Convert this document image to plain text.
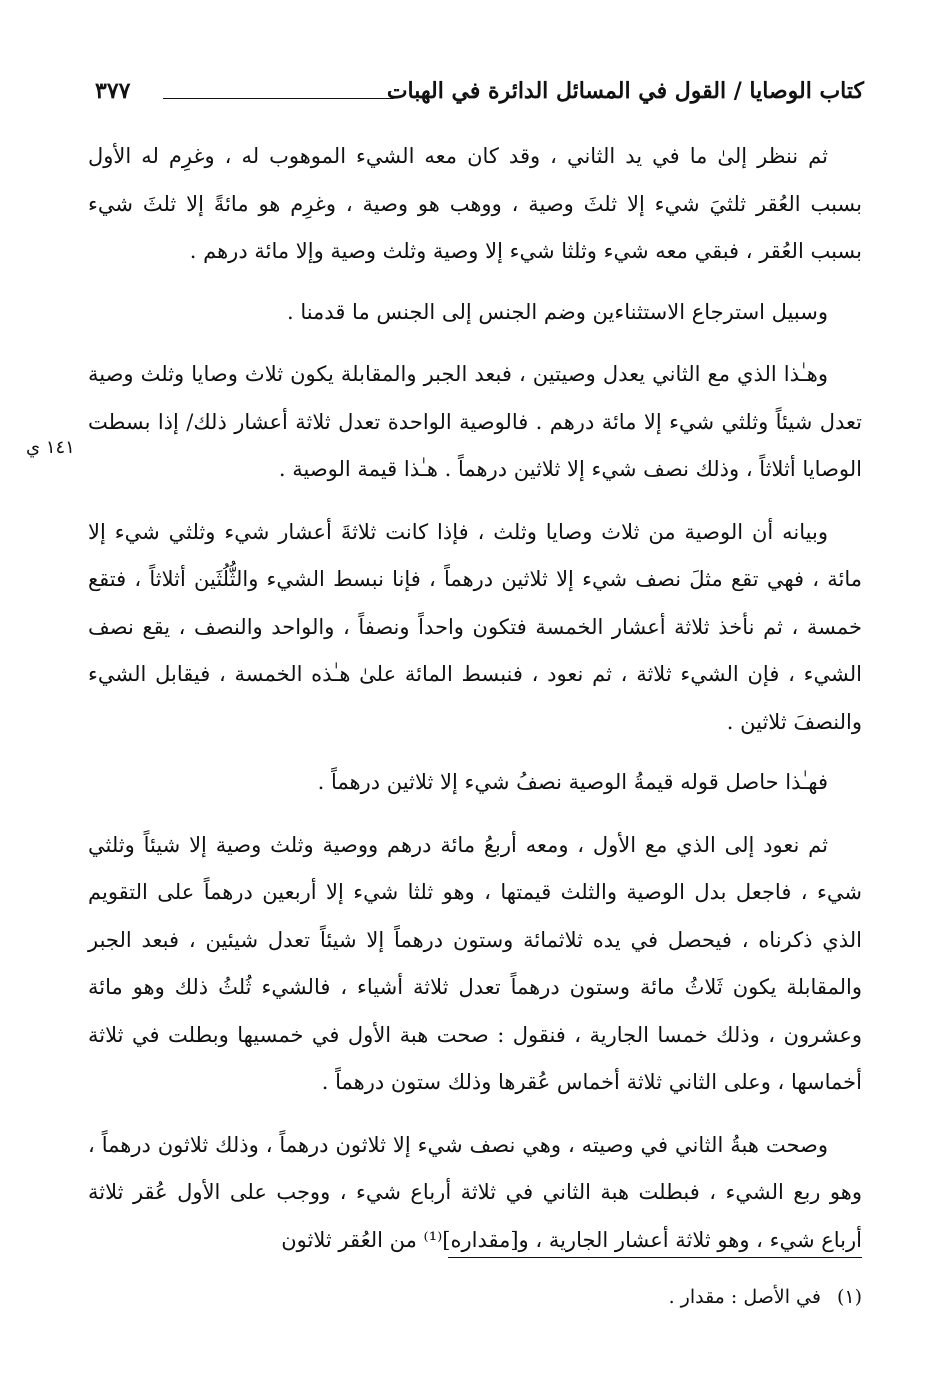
كتاب الوصايا / القول في المسائل الدائرة في الهبات
٣٧٧

ثم ننظر إلىٰ ما في يد الثاني ، وقد كان معه الشيء الموهوب له ، وغرِم له الأول بسبب العُقر ثلثيَ شيء إلا ثلثَ وصية ، ووهب هو وصية ، وغرِم هو مائةً إلا ثلثَ شيء بسبب العُقر ، فبقي معه شيء وثلثا شيء إلا وصية وثلث وصية وإلا مائة درهم .

وسبيل استرجاع الاستثناءين وضم الجنس إلى الجنس ما قدمنا .

وهـٰذا الذي مع الثاني يعدل وصيتين ، فبعد الجبر والمقابلة يكون ثلاث وصايا وثلث وصية تعدل شيئاً وثلثي شيء إلا مائة درهم . فالوصية الواحدة تعدل ثلاثة أعشار ذلك/ إذا بسطت الوصايا أثلاثاً ، وذلك نصف شيء إلا ثلاثين درهماً . هـٰذا قيمة الوصية .

وبيانه أن الوصية من ثلاث وصايا وثلث ، فإذا كانت ثلاثةَ أعشار شيء وثلثي شيء إلا مائة ، فهي تقع مثلَ نصف شيء إلا ثلاثين درهماً ، فإنا نبسط الشيء والثُّلُثَين أثلاثاً ، فتقع خمسة ، ثم نأخذ ثلاثة أعشار الخمسة فتكون واحداً ونصفاً ، والواحد والنصف ، يقع نصف الشيء ، فإن الشيء ثلاثة ، ثم نعود ، فنبسط المائة علىٰ هـٰذه الخمسة ، فيقابل الشيء والنصفَ ثلاثين .

فهـٰذا حاصل قوله قيمةُ الوصية نصفُ شيء إلا ثلاثين درهماً .

ثم نعود إلى الذي مع الأول ، ومعه أربعُ مائة درهم ووصية وثلث وصية إلا شيئاً وثلثي شيء ، فاجعل بدل الوصية والثلث قيمتها ، وهو ثلثا شيء إلا أربعين درهماً على التقويم الذي ذكرناه ، فيحصل في يده ثلاثمائة وستون درهماً إلا شيئاً تعدل شيئين ، فبعد الجبر والمقابلة يكون ثَلاثُ مائة وستون درهماً تعدل ثلاثة أشياء ، فالشيء ثُلثُ ذلك وهو مائة وعشرون ، وذلك خمسا الجارية ، فنقول : صحت هبة الأول في خمسيها وبطلت في ثلاثة أخماسها ، وعلى الثاني ثلاثة أخماس عُقرها وذلك ستون درهماً .

وصحت هبةُ الثاني في وصيته ، وهي نصف شيء إلا ثلاثون درهماً ، وذلك ثلاثون درهماً ، وهو ربع الشيء ، فبطلت هبة الثاني في ثلاثة أرباع شيء ، ووجب على الأول عُقر ثلاثة أرباع شيء ، وهو ثلاثة أعشار الجارية ، و[مقداره]⁽¹⁾ من العُقر ثلاثون

١٤١ ي
(١)في الأصل : مقدار .
